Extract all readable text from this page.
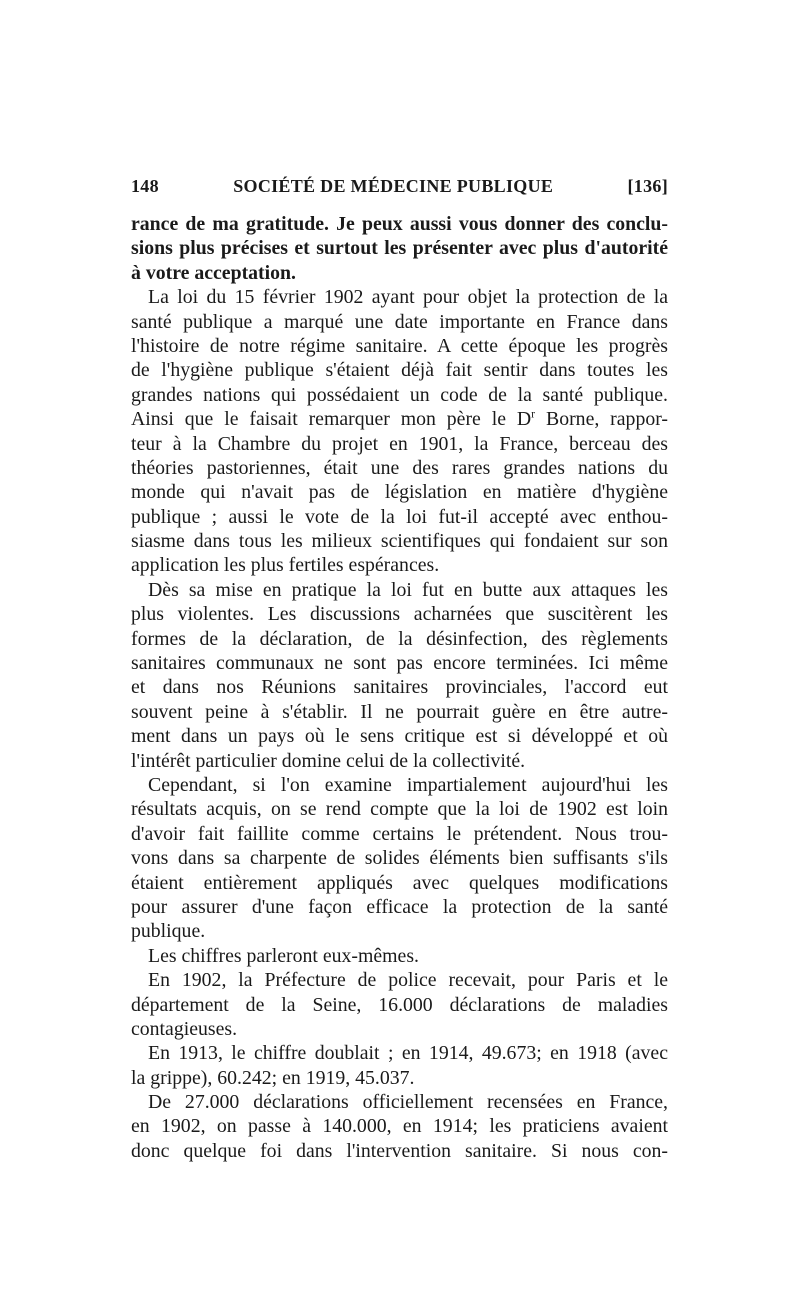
148	SOCIÉTÉ DE MÉDECINE PUBLIQUE	[136]
rance de ma gratitude. Je peux aussi vous donner des conclu-
sions plus précises et surtout les présenter avec plus d'autorité
à votre acceptation.
La loi du 15 février 1902 ayant pour objet la protection de la
santé publique a marqué une date importante en France dans
l'histoire de notre régime sanitaire. A cette époque les progrès
de l'hygiène publique s'étaient déjà fait sentir dans toutes les
grandes nations qui possédaient un code de la santé publique.
Ainsi que le faisait remarquer mon père le $D^r$ Borne, rappor-
teur à la Chambre du projet en 1901, la France, berceau des
théories pastoriennes, était une des rares grandes nations du
monde qui n'avait pas de législation en matière d'hygiène
publique ; aussi le vote de la loi fut-il accepté avec enthou-
siasme dans tous les milieux scientifiques qui fondaient sur son
application les plus fertiles espérances.
Dès sa mise en pratique la loi fut en butte aux attaques les
plus violentes. Les discussions acharnées que suscitèrent les
formes de la déclaration, de la désinfection, des règlements
sanitaires communaux ne sont pas encore terminées. Ici même
et dans nos Réunions sanitaires provinciales, l'accord eut
souvent peine à s'établir. Il ne pourrait guère en être autre-
ment dans un pays où le sens critique est si développé et où
l'intérêt particulier domine celui de la collectivité.
Cependant, si l'on examine impartialement aujourd'hui les
résultats acquis, on se rend compte que la loi de 1902 est loin
d'avoir fait faillite comme certains le prétendent. Nous trou-
vons dans sa charpente de solides éléments bien suffisants s'ils
étaient entièrement appliqués avec quelques modifications
pour assurer d'une façon efficace la protection de la santé
publique.
Les chiffres parleront eux-mêmes.
En 1902, la Préfecture de police recevait, pour Paris et le
département de la Seine, 16.000 déclarations de maladies
contagieuses.
En 1913, le chiffre doublait ; en 1914, 49.673; en 1918 (avec
la grippe), 60.242; en 1919, 45.037.
De 27.000 déclarations officiellement recensées en France,
en 1902, on passe à 140.000, en 1914; les praticiens avaient
donc quelque foi dans l'intervention sanitaire. Si nous con-
